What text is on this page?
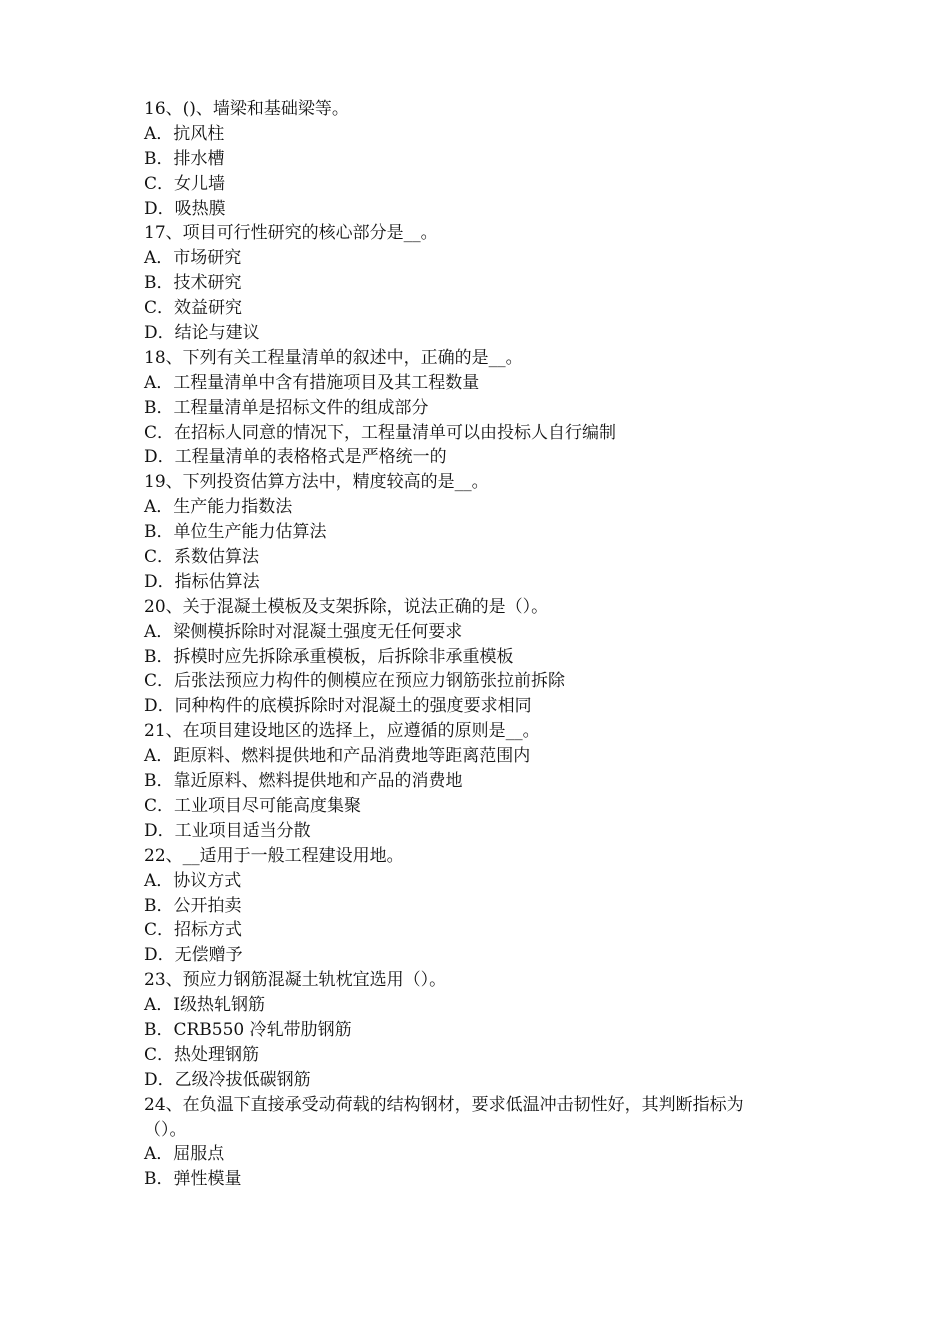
16、()、墙梁和基础梁等。
A．抗风柱
B．排水槽
C．女儿墙
D．吸热膜
17、项目可行性研究的核心部分是__。
A．市场研究
B．技术研究
C．效益研究
D．结论与建议
18、下列有关工程量清单的叙述中，正确的是__。
A．工程量清单中含有措施项目及其工程数量
B．工程量清单是招标文件的组成部分
C．在招标人同意的情况下，工程量清单可以由投标人自行编制
D．工程量清单的表格格式是严格统一的
19、下列投资估算方法中，精度较高的是__。
A．生产能力指数法
B．单位生产能力估算法
C．系数估算法
D．指标估算法
20、关于混凝土模板及支架拆除，说法正确的是（）。
A．梁侧模拆除时对混凝土强度无任何要求
B．拆模时应先拆除承重模板，后拆除非承重模板
C．后张法预应力构件的侧模应在预应力钢筋张拉前拆除
D．同种构件的底模拆除时对混凝土的强度要求相同
21、在项目建设地区的选择上，应遵循的原则是__。
A．距原料、燃料提供地和产品消费地等距离范围内
B．靠近原料、燃料提供地和产品的消费地
C．工业项目尽可能高度集聚
D．工业项目适当分散
22、__适用于一般工程建设用地。
A．协议方式
B．公开拍卖
C．招标方式
D．无偿赠予
23、预应力钢筋混凝土轨枕宜选用（）。
A．Ⅰ级热轧钢筋
B．CRB550 冷轧带肋钢筋
C．热处理钢筋
D．乙级冷拔低碳钢筋
24、在负温下直接承受动荷载的结构钢材，要求低温冲击韧性好，其判断指标为
（）。
A．屈服点
B．弹性模量
